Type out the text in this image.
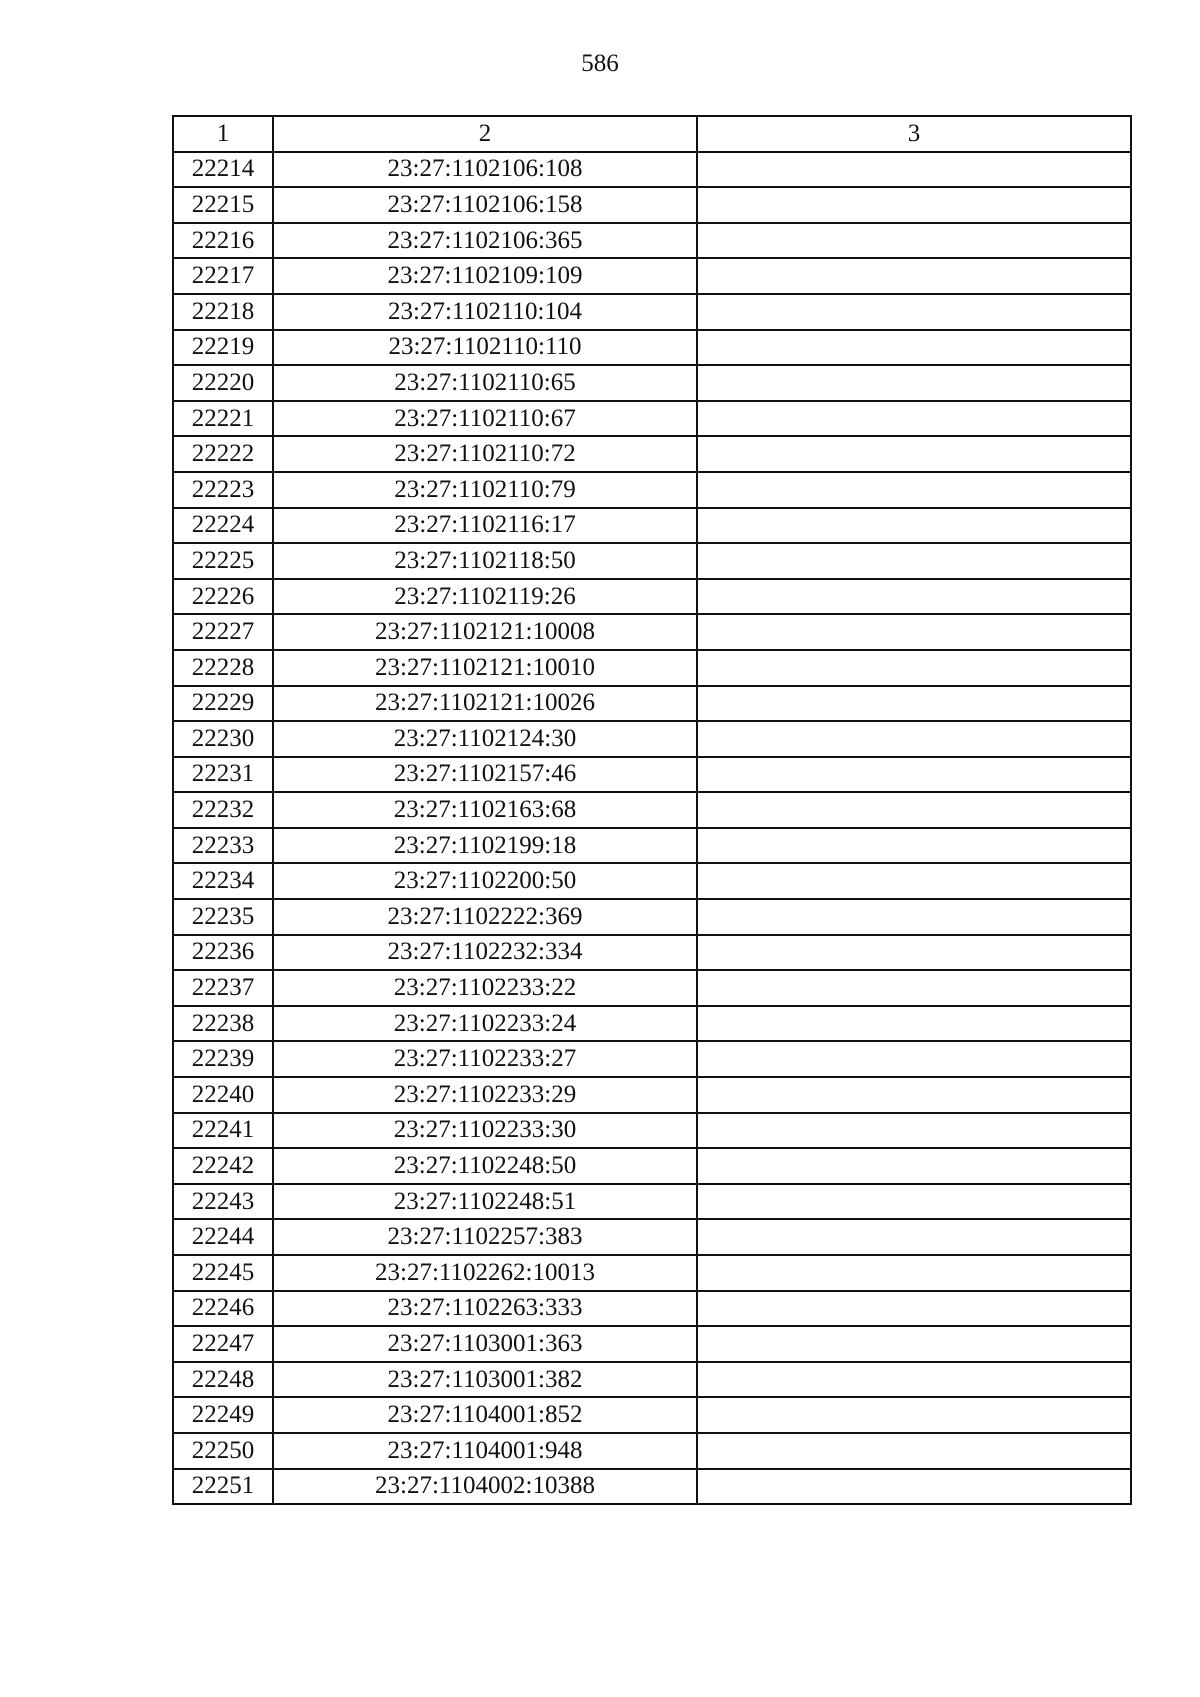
586
1	2	3
22214	23:27:1102106:108	
22215	23:27:1102106:158	
22216	23:27:1102106:365	
22217	23:27:1102109:109	
22218	23:27:1102110:104	
22219	23:27:1102110:110	
22220	23:27:1102110:65	
22221	23:27:1102110:67	
22222	23:27:1102110:72	
22223	23:27:1102110:79	
22224	23:27:1102116:17	
22225	23:27:1102118:50	
22226	23:27:1102119:26	
22227	23:27:1102121:10008	
22228	23:27:1102121:10010	
22229	23:27:1102121:10026	
22230	23:27:1102124:30	
22231	23:27:1102157:46	
22232	23:27:1102163:68	
22233	23:27:1102199:18	
22234	23:27:1102200:50	
22235	23:27:1102222:369	
22236	23:27:1102232:334	
22237	23:27:1102233:22	
22238	23:27:1102233:24	
22239	23:27:1102233:27	
22240	23:27:1102233:29	
22241	23:27:1102233:30	
22242	23:27:1102248:50	
22243	23:27:1102248:51	
22244	23:27:1102257:383	
22245	23:27:1102262:10013	
22246	23:27:1102263:333	
22247	23:27:1103001:363	
22248	23:27:1103001:382	
22249	23:27:1104001:852	
22250	23:27:1104001:948	
22251	23:27:1104002:10388	
